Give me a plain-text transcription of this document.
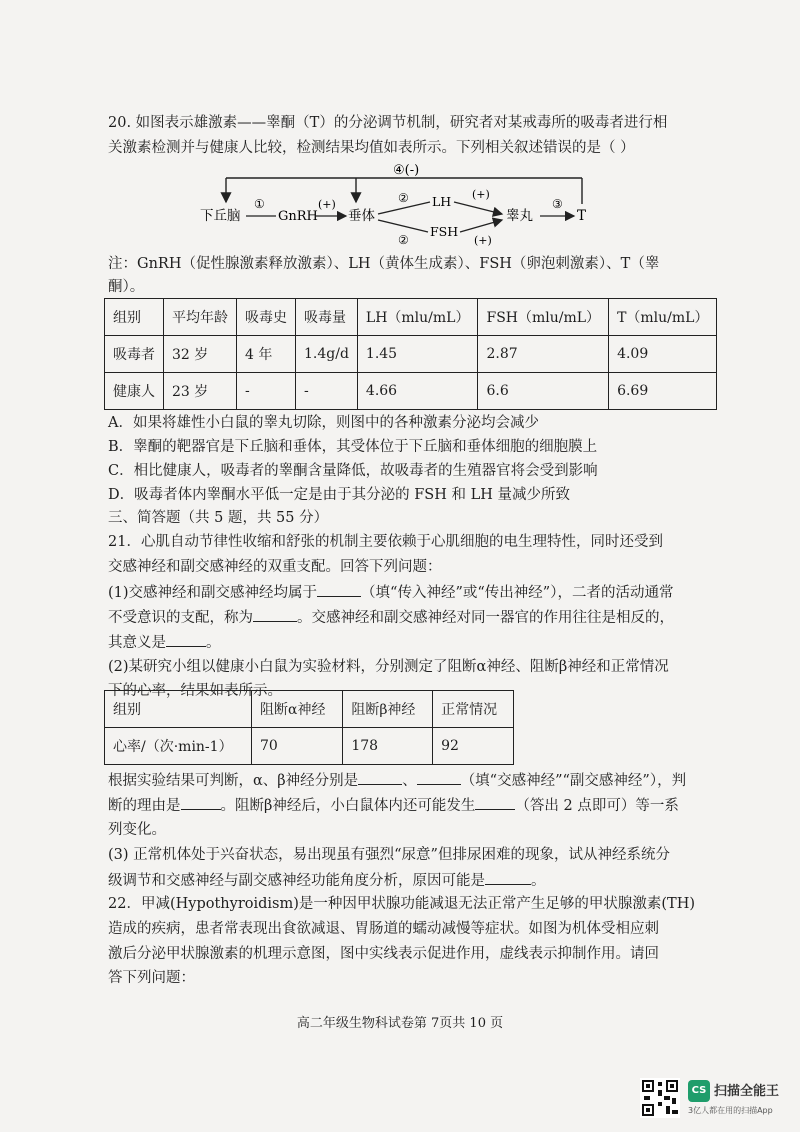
20. 如图表示雄激素——睾酮（T）的分泌调节机制，研究者对某戒毒所的吸毒者进行相
关激素检测并与健康人比较，检测结果均值如表所示。下列相关叙述错误的是（ ）
④(-)
下丘脑
①
GnRH
(+)
垂体
② LH (+)
②
FSH
(+)
睾丸
③
T
注：GnRH（促性腺激素释放激素）、LH（黄体生成素）、FSH（卵泡刺激素）、T（睾
酮）。
组别	平均年龄	吸毒史	吸毒量	LH（mlu/mL）	FSH（mlu/mL）	T（mlu/mL）
吸毒者	32 岁	4 年	1.4g/d	1.45	2.87	4.09
健康人	23 岁	-	-	4.66	6.6	6.69
A．如果将雄性小白鼠的睾丸切除，则图中的各种激素分泌均会减少
B．睾酮的靶器官是下丘脑和垂体，其受体位于下丘脑和垂体细胞的细胞膜上
C．相比健康人，吸毒者的睾酮含量降低，故吸毒者的生殖器官将会受到影响
D．吸毒者体内睾酮水平低一定是由于其分泌的 FSH 和 LH 量减少所致
三、简答题（共 5 题，共 55 分）
21．心肌自动节律性收缩和舒张的机制主要依赖于心肌细胞的电生理特性，同时还受到
交感神经和副交感神经的双重支配。回答下列问题：
(1)交感神经和副交感神经均属于	（填“传入神经”或“传出神经”），二者的活动通常
不受意识的支配，称为	。交感神经和副交感神经对同一器官的作用往往是相反的，
其意义是	。
(2)某研究小组以健康小白鼠为实验材料，分别测定了阻断α神经、阻断β神经和正常情况
下的心率，结果如表所示。
组别	阻断α神经	阻断β神经	正常情况
心率/（次·min-1）	70	178	92
根据实验结果可判断，α、β神经分别是	、	（填“交感神经”“副交感神经”），判
断的理由是	。阻断β神经后，小白鼠体内还可能发生	（答出 2 点即可）等一系
列变化。
(3) 正常机体处于兴奋状态，易出现虽有强烈“尿意”但排尿困难的现象，试从神经系统分
级调节和交感神经与副交感神经功能角度分析，原因可能是	。
22．甲减(Hypothyroidism)是一种因甲状腺功能减退无法正常产生足够的甲状腺激素(TH)
造成的疾病，患者常表现出食欲减退、胃肠道的蠕动减慢等症状。如图为机体受相应刺
激后分泌甲状腺激素的机理示意图，图中实线表示促进作用，虚线表示抑制作用。请回
答下列问题：
高二年级生物科试卷第 7页共 10 页
CS 扫描全能王
3亿人都在用的扫描App
